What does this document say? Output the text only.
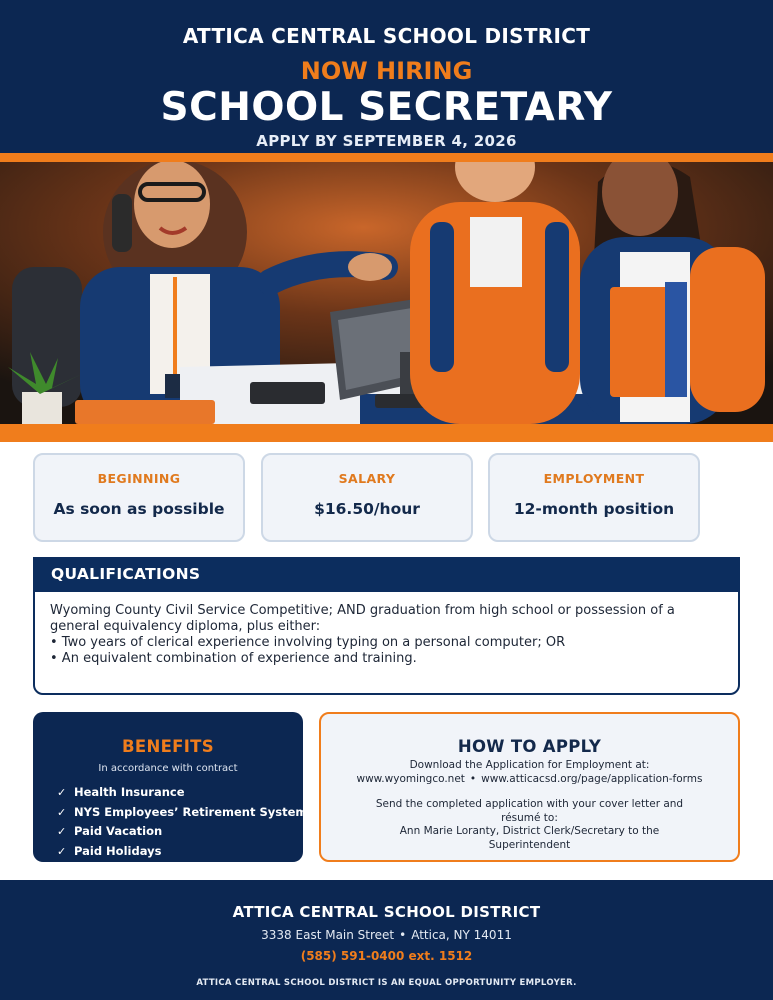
ATTICA CENTRAL SCHOOL DISTRICT
NOW HIRING
SCHOOL SECRETARY
APPLY BY SEPTEMBER 4, 2026
BEGINNING
As soon as possible
SALARY
$16.50/hour
EMPLOYMENT
12-month position
QUALIFICATIONS
Wyoming County Civil Service Competitive; AND graduation from high school or possession of a
general equivalency diploma, plus either:
• Two years of clerical experience involving typing on a personal computer; OR
• An equivalent combination of experience and training.
BENEFITS
In accordance with contract
✓ Health Insurance
✓ NYS Employees’ Retirement System
✓ Paid Vacation
✓ Paid Holidays
HOW TO APPLY
Download the Application for Employment at:
www.wyomingco.net • www.atticacsd.org/page/application-forms
Send the completed application with your cover letter and
résumé to:
Ann Marie Loranty, District Clerk/Secretary to the
Superintendent
ATTICA CENTRAL SCHOOL DISTRICT
3338 East Main Street • Attica, NY 14011
(585) 591-0400 ext. 1512
ATTICA CENTRAL SCHOOL DISTRICT IS AN EQUAL OPPORTUNITY EMPLOYER.
